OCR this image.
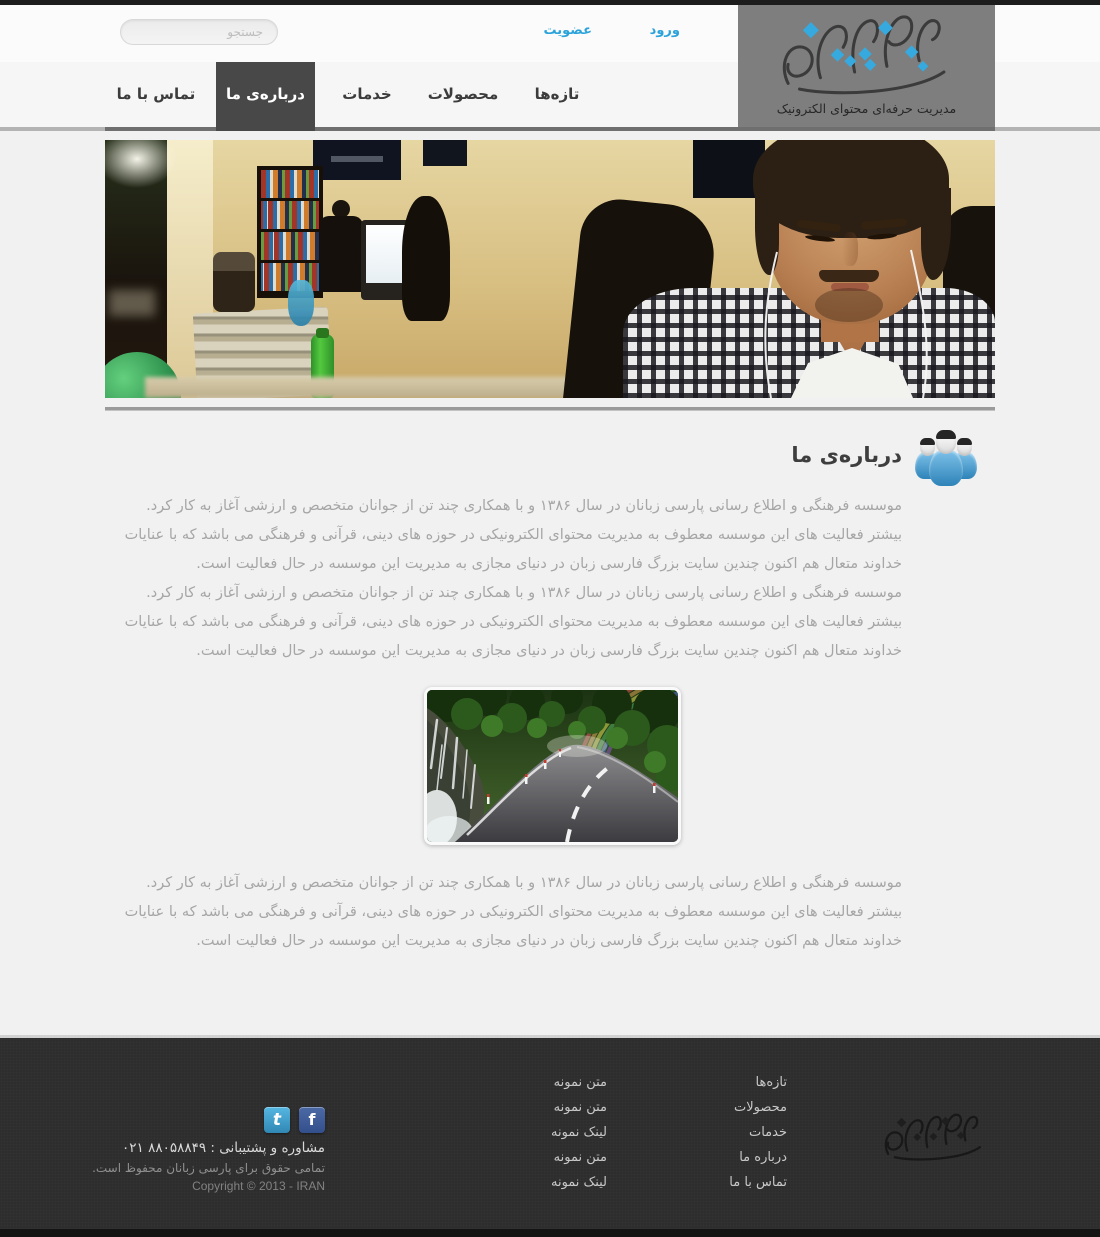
جستجو
عضویت	ورود
تازه‌ها
محصولات
خدمات
درباره‌ی ما
تماس با ما
مدیریت حرفه‌ای محتوای الکترونیک
درباره‌ی ما
موسسه فرهنگی و اطلاع رسانی پارسی زبانان در سال ۱۳۸۶ و با همکاری چند تن از جوانان متخصص و ارزشی آغاز به کار کرد.
بیشتر فعالیت های این موسسه معطوف به مدیریت محتوای الکترونیکی در حوزه های دینی، قرآنی و فرهنگی می باشد که با عنایات
خداوند متعال هم اکنون چندین سایت بزرگ فارسی زبان در دنیای مجازی به مدیریت این موسسه در حال فعالیت است.
موسسه فرهنگی و اطلاع رسانی پارسی زبانان در سال ۱۳۸۶ و با همکاری چند تن از جوانان متخصص و ارزشی آغاز به کار کرد.
بیشتر فعالیت های این موسسه معطوف به مدیریت محتوای الکترونیکی در حوزه های دینی، قرآنی و فرهنگی می باشد که با عنایات
خداوند متعال هم اکنون چندین سایت بزرگ فارسی زبان در دنیای مجازی به مدیریت این موسسه در حال فعالیت است.
موسسه فرهنگی و اطلاع رسانی پارسی زبانان در سال ۱۳۸۶ و با همکاری چند تن از جوانان متخصص و ارزشی آغاز به کار کرد.
بیشتر فعالیت های این موسسه معطوف به مدیریت محتوای الکترونیکی در حوزه های دینی، قرآنی و فرهنگی می باشد که با عنایات
خداوند متعال هم اکنون چندین سایت بزرگ فارسی زبان در دنیای مجازی به مدیریت این موسسه در حال فعالیت است.
تازه‌ها
محصولات
خدمات
درباره ما
تماس با ما
متن نمونه
متن نمونه
لینک نمونه
متن نمونه
لینک نمونه
t	f
مشاوره و پشتیبانی : ۸۸۰۵۸۸۴۹ ۰۲۱
تمامی حقوق برای پارسی زبانان محفوظ است.
Copyright © 2013 - IRAN
